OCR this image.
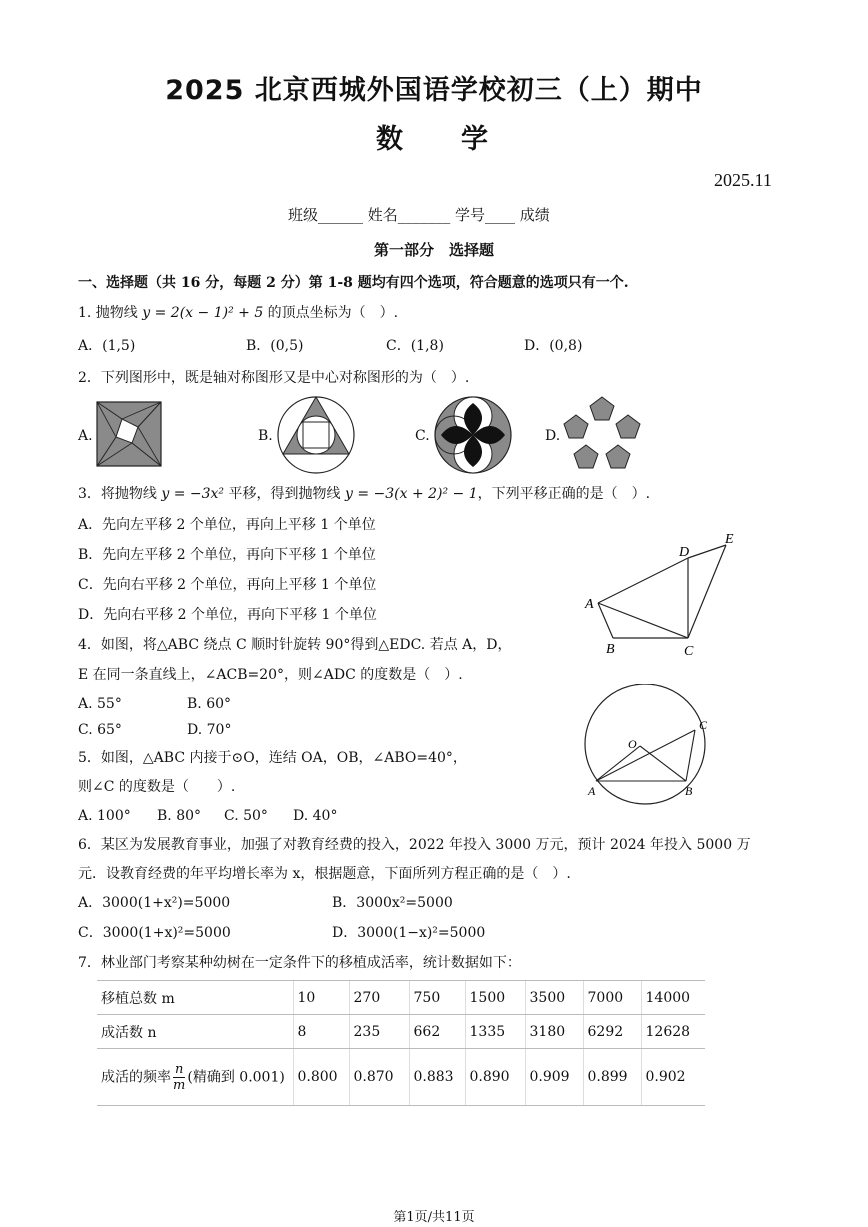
2025 北京西城外国语学校初三（上）期中
数学
2025.11
班级______ 姓名_______ 学号____ 成绩
第一部分　选择题
一、选择题（共 16 分，每题 2 分）第 1-8 题均有四个选项，符合题意的选项只有一个.
1. 抛物线 y = 2(x − 1)² + 5 的顶点坐标为（　）.
A．(1,5)	B．(0,5)	C．(1,8)	D．(0,8)
2．下列图形中，既是轴对称图形又是中心对称图形的为（　）.
A.	B.	C.	D.
3．将抛物线 y = −3x² 平移，得到抛物线 y = −3(x + 2)² − 1，下列平移正确的是（　）.
A．先向左平移 2 个单位，再向上平移 1 个单位
B．先向左平移 2 个单位，再向下平移 1 个单位
C．先向右平移 2 个单位，再向上平移 1 个单位
D．先向右平移 2 个单位，再向下平移 1 个单位
A
B	C
D
E
4．如图，将△ABC 绕点 C 顺时针旋转 90°得到△EDC. 若点 A，D，
E 在同一条直线上，∠ACB=20°，则∠ADC 的度数是（　）.
A. 55°	B. 60°
C. 65°	D. 70°
O
A	B
C
5．如图，△ABC 内接于⊙O，连结 OA，OB，∠ABO=40°，
则∠C 的度数是（　　）.
A. 100° B. 80° C. 50° D. 40°
6．某区为发展教育事业，加强了对教育经费的投入，2022 年投入 3000 万元，预计 2024 年投入 5000 万
元．设教育经费的年平均增长率为 x，根据题意，下面所列方程正确的是（　）.
A．3000(1+x²)=5000	B．3000x²=5000
C．3000(1+x)²=5000	D．3000(1−x)²=5000
7．林业部门考察某种幼树在一定条件下的移植成活率，统计数据如下：
移植总数 m	10	270	750	1500	3500	7000	14000
成活数 n	8	235	662	1335	3180	6292	12628
成活的频率 $\frac{n}{m}$ (精确到 0.001)	0.800	0.870	0.883	0.890	0.909	0.899	0.902
第1页/共11页
